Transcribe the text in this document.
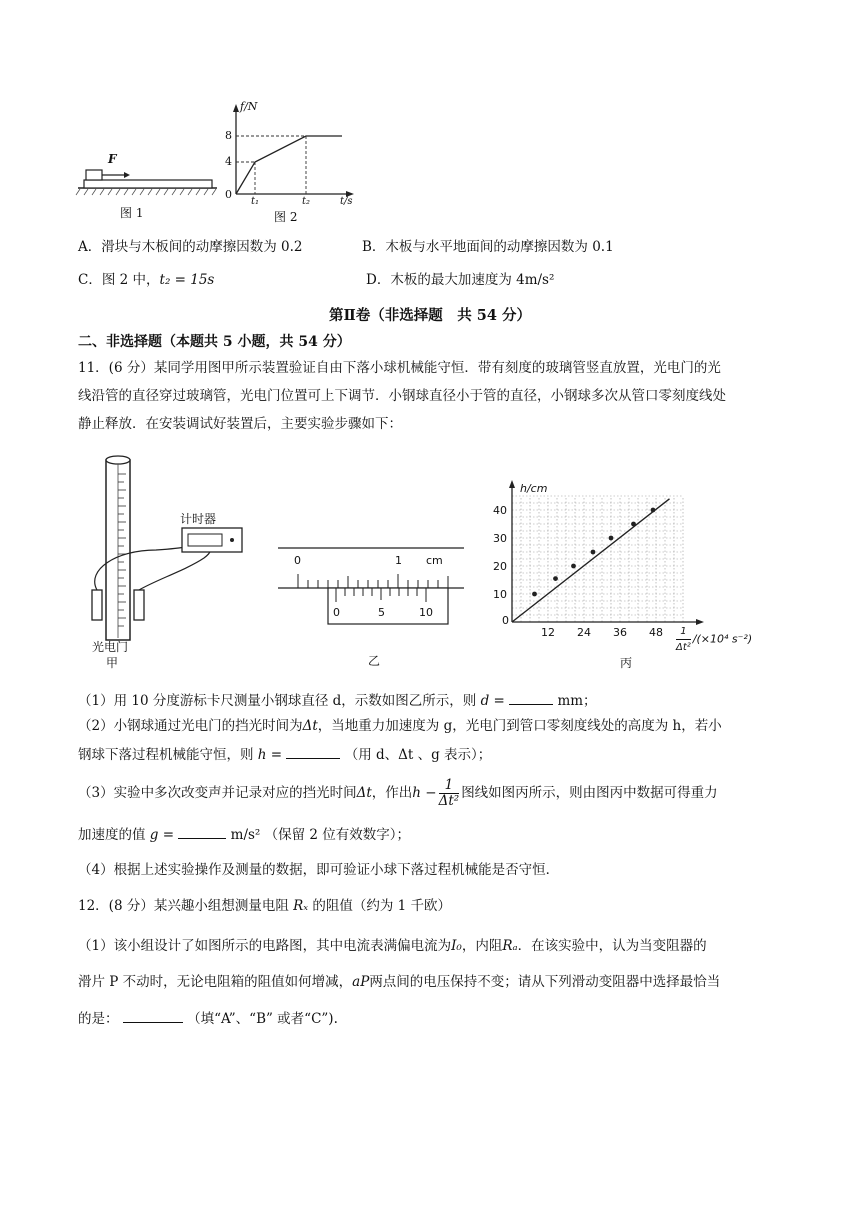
F
图 1
f/N
8
4
0
t₁	t₂	t/s
图 2
A．滑块与木板间的动摩擦因数为 0.2	B．木板与水平地面间的动摩擦因数为 0.1
C．图 2 中，t₂ = 15s	D．木板的最大加速度为 4m/s²
第Ⅱ卷（非选择题　共 54 分）
二、非选择题（本题共 5 小题，共 54 分）
11．(6 分）某同学用图甲所示装置验证自由下落小球机械能守恒．带有刻度的玻璃管竖直放置，光电门的光
线沿管的直径穿过玻璃管，光电门位置可上下调节．小钢球直径小于管的直径，小钢球多次从管口零刻度线处
静止释放．在安装调试好装置后，主要实验步骤如下：
计时器
光电门
甲
0	1 cm
0	5	10
乙
12 24 36 48
10
20
30
40
h/cm
0
$\frac{1}{\text{Δt²}} /(\times 10^4$ s⁻²)
丙
（1）用 10 分度游标卡尺测量小钢球直径 d，示数如图乙所示，则 d =	mm；
（2）小钢球通过光电门的挡光时间为Δt，当地重力加速度为 g，光电门到管口零刻度线处的高度为 h，若小
钢球下落过程机械能守恒，则 h =	（用 d、Δt 、g 表示）；
（3）实验中多次改变声并记录对应的挡光时间Δt，作出$h - \frac{1}{\text{Δt²}}$ 图线如图丙所示，则由图丙中数据可得重力
加速度的值 g =	m/s² （保留 2 位有效数字）；
（4）根据上述实验操作及测量的数据，即可验证小球下落过程机械能是否守恒．
12．(8 分）某兴趣小组想测量电阻 Rₓ 的阻值（约为 1 千欧）
（1）该小组设计了如图所示的电路图，其中电流表满偏电流为I₀，内阻Rₐ．在该实验中，认为当变阻器的
滑片 P 不动时，无论电阻箱的阻值如何增减，aP两点间的电压保持不变；请从下列滑动变阻器中选择最恰当
的是：	（填“A”、“B” 或者“C”).
